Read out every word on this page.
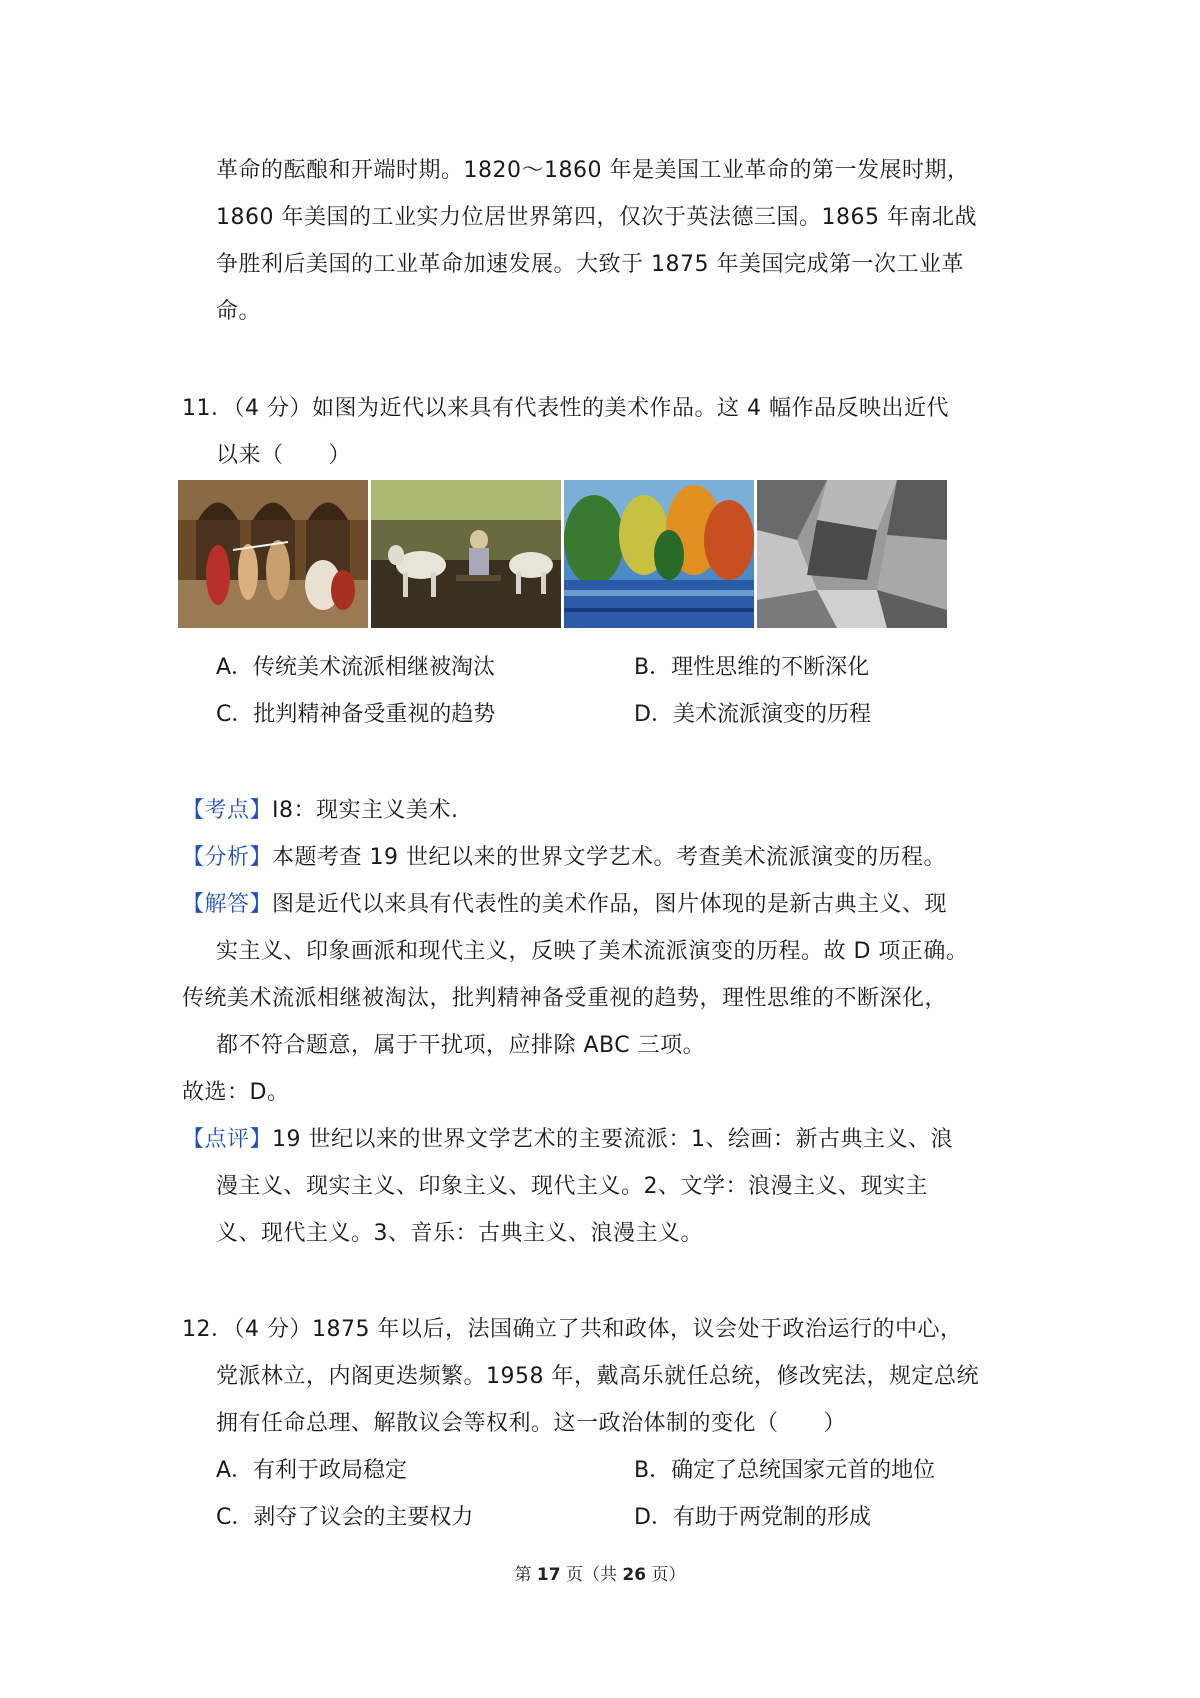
革命的酝酿和开端时期。1820～1860 年是美国工业革命的第一发展时期，
1860 年美国的工业实力位居世界第四，仅次于英法德三国。1865 年南北战
争胜利后美国的工业革命加速发展。大致于 1875 年美国完成第一次工业革
命。
11．（4 分）如图为近代以来具有代表性的美术作品。这 4 幅作品反映出近代
以来（　　）
A．传统美术流派相继被淘汰	B．理性思维的不断深化
C．批判精神备受重视的趋势	D．美术流派演变的历程
【考点】I8：现实主义美术.
【分析】本题考查 19 世纪以来的世界文学艺术。考查美术流派演变的历程。
【解答】图是近代以来具有代表性的美术作品，图片体现的是新古典主义、现
实主义、印象画派和现代主义，反映了美术流派演变的历程。故 D 项正确。
传统美术流派相继被淘汰，批判精神备受重视的趋势，理性思维的不断深化，
都不符合题意，属于干扰项，应排除 ABC 三项。
故选：D。
【点评】19 世纪以来的世界文学艺术的主要流派：1、绘画：新古典主义、浪
漫主义、现实主义、印象主义、现代主义。2、文学：浪漫主义、现实主
义、现代主义。3、音乐：古典主义、浪漫主义。
12．（4 分）1875 年以后，法国确立了共和政体，议会处于政治运行的中心，
党派林立，内阁更迭频繁。1958 年，戴高乐就任总统，修改宪法，规定总统
拥有任命总理、解散议会等权利。这一政治体制的变化（　　）
A．有利于政局稳定	B．确定了总统国家元首的地位
C．剥夺了议会的主要权力	D．有助于两党制的形成
第 17 页（共 26 页）
